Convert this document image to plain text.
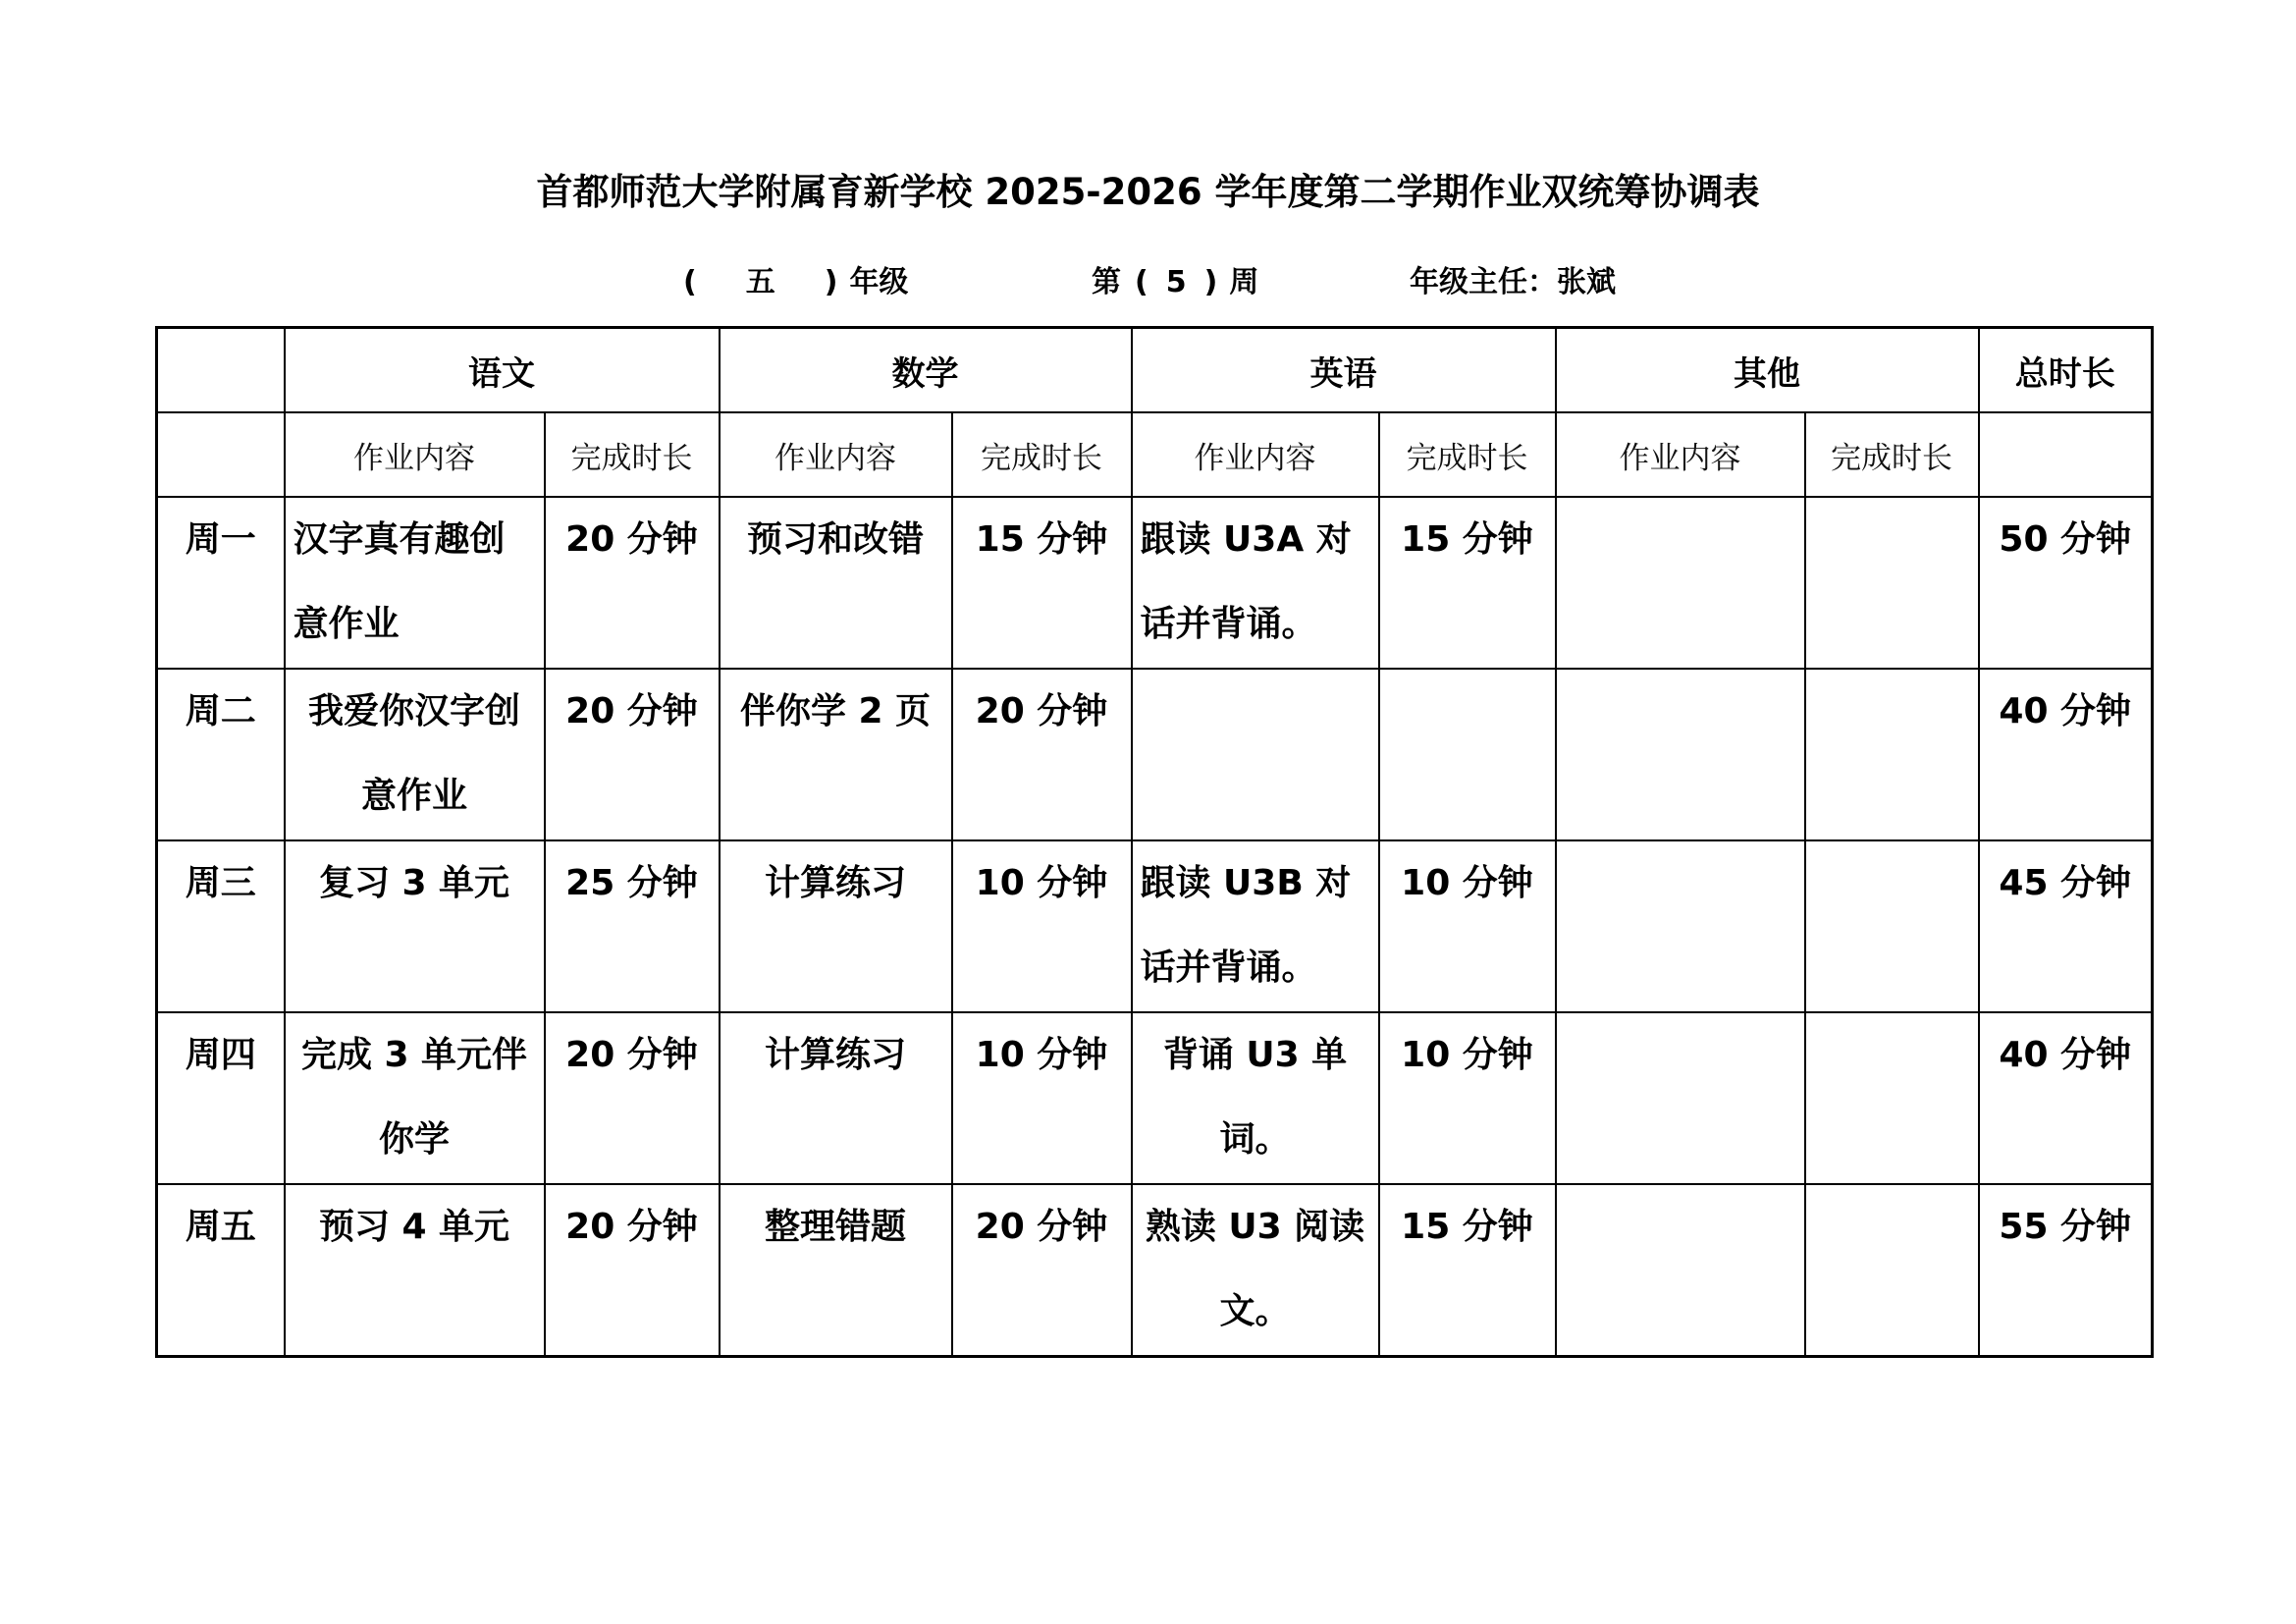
首都师范大学附属育新学校 2025-2026 学年度第二学期作业双统筹协调表
( 五 ) 年级	第 ( 5 ) 周	年级主任：张斌
	语文		数学		英语		其他		总时长
	作业内容	完成时长	作业内容	完成时长	作业内容	完成时长	作业内容	完成时长	
周一	汉字真有趣创意作业	20 分钟	预习和改错	15 分钟	跟读 U3A 对话并背诵。	15 分钟			50 分钟
周二	我爱你汉字创意作业	20 分钟	伴你学 2 页	20 分钟					40 分钟
周三	复习 3 单元	25 分钟	计算练习	10 分钟	跟读 U3B 对话并背诵。	10 分钟			45 分钟
周四	完成 3 单元伴你学	20 分钟	计算练习	10 分钟	背诵 U3 单词。	10 分钟			40 分钟
周五	预习 4 单元	20 分钟	整理错题	20 分钟	熟读 U3 阅读文。	15 分钟			55 分钟
